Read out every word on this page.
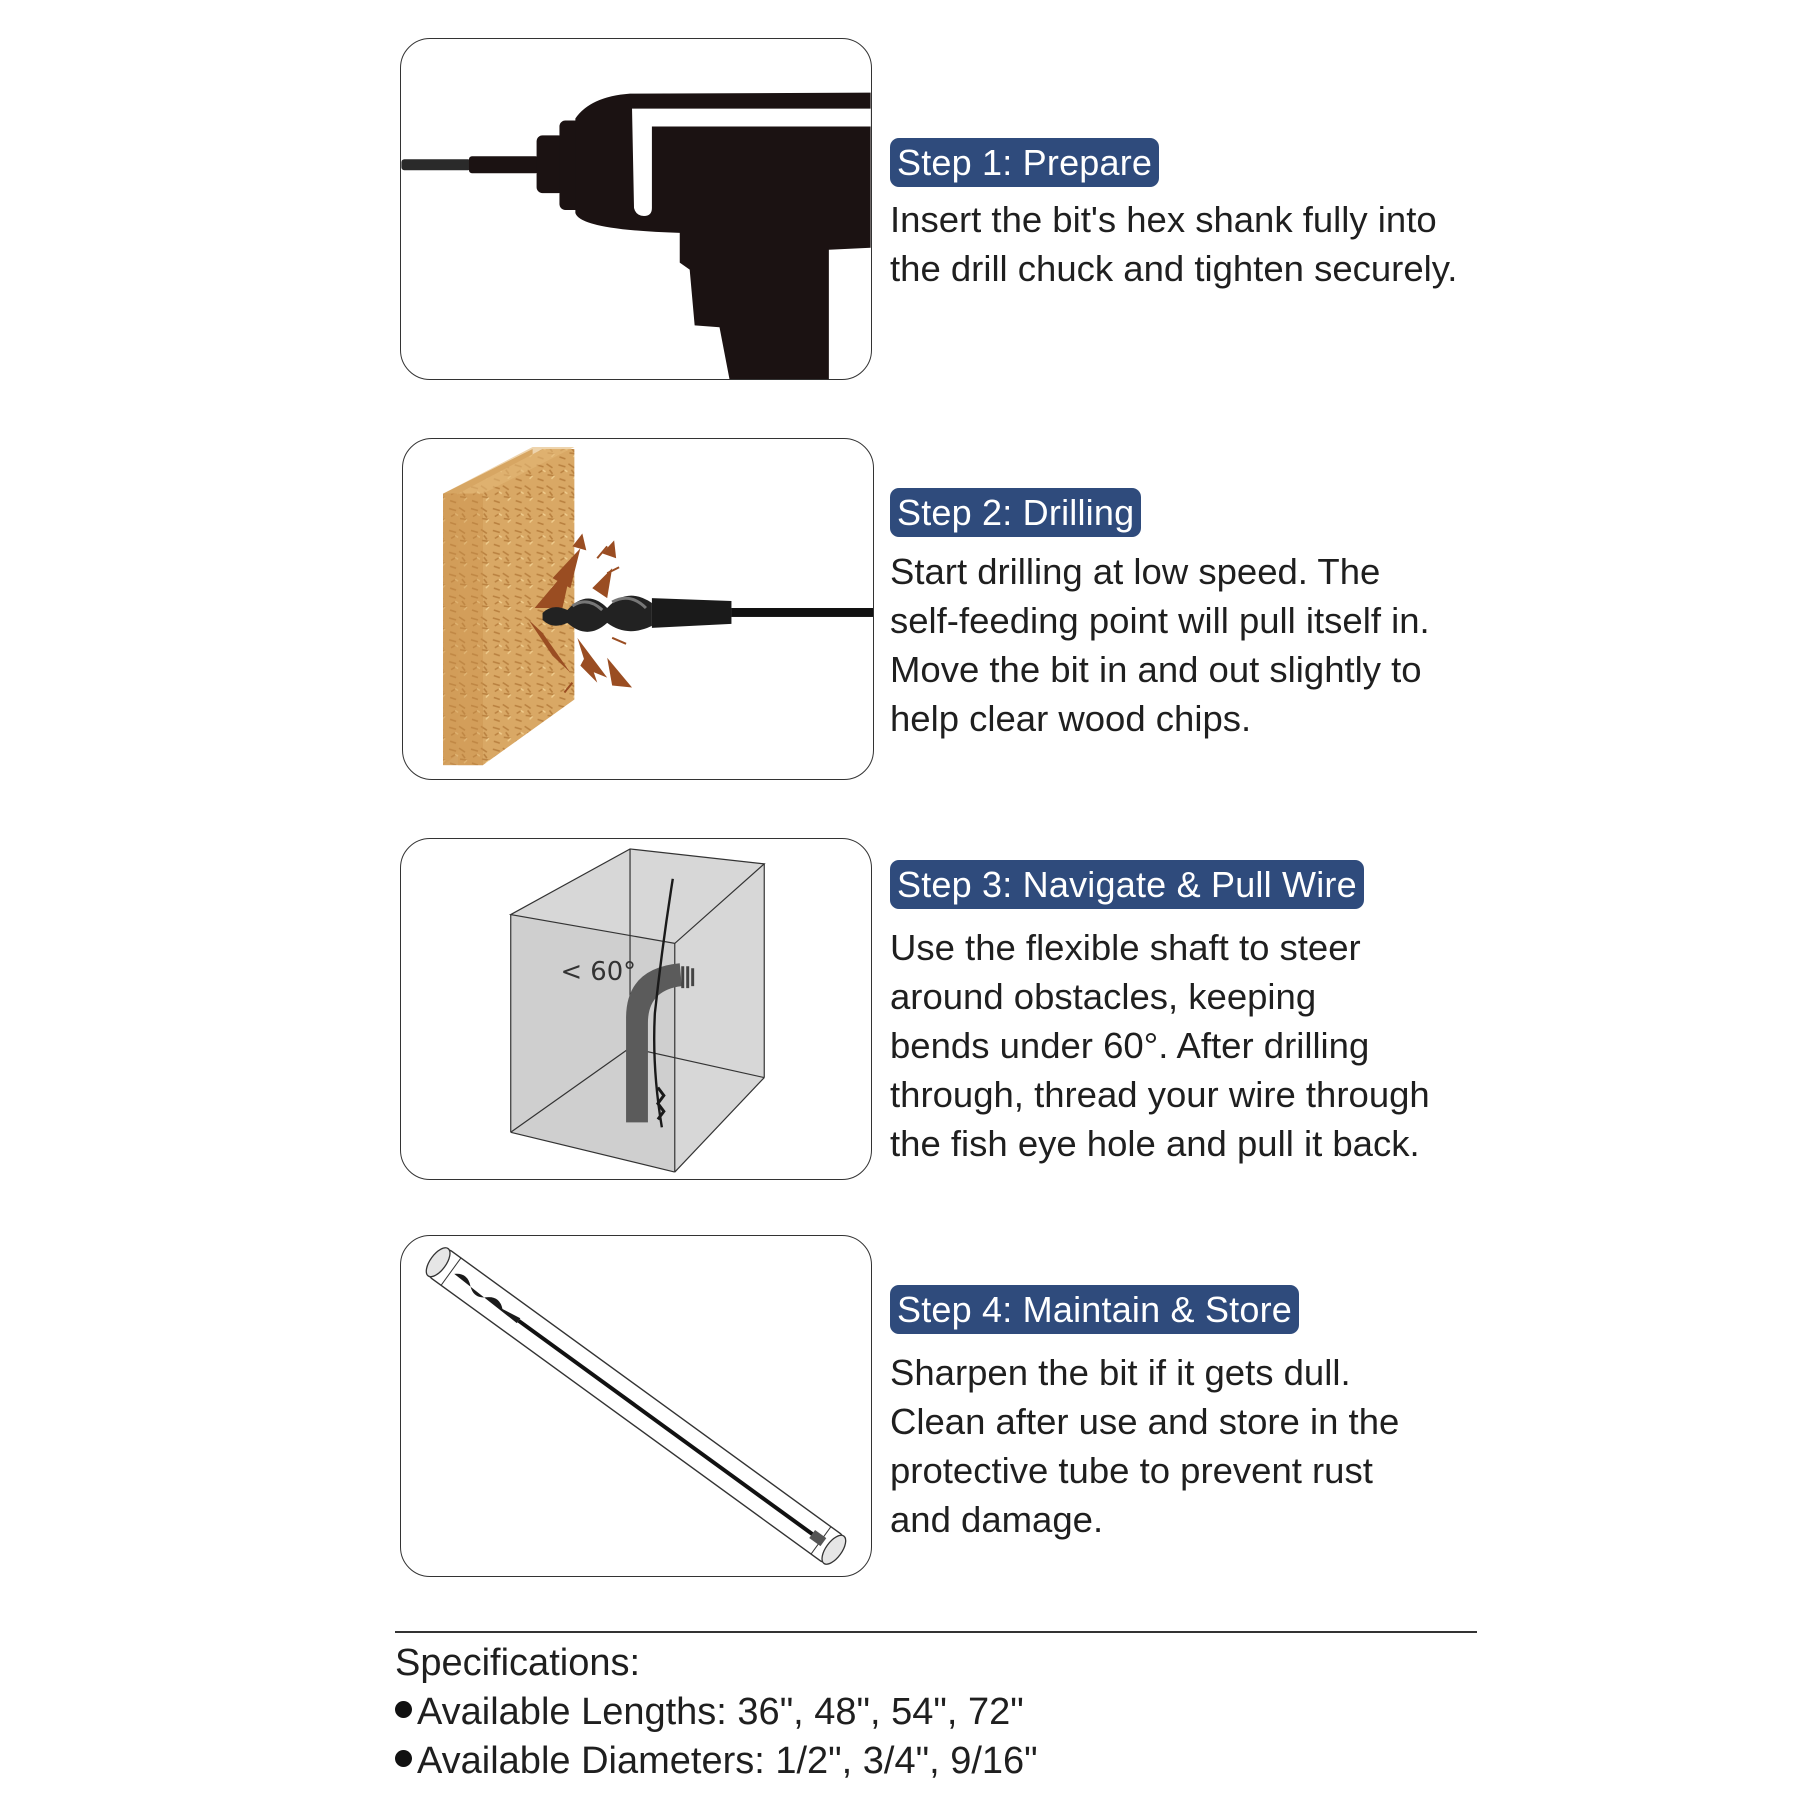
Step 1: Prepare
Insert the bit's hex shank fully into
the drill chuck and tighten securely.
Step 2: Drilling
Start drilling at low speed. The
self-feeding point will pull itself in.
Move the bit in and out slightly to
help clear wood chips.
< 60°
Step 3: Navigate & Pull Wire
Use the flexible shaft to steer
around obstacles, keeping
bends under 60°. After drilling
through, thread your wire through
the fish eye hole and pull it back.
Step 4: Maintain & Store
Sharpen the bit if it gets dull.
Clean after use and store in the
protective tube to prevent rust
and damage.
Specifications:
Available Lengths: 36", 48", 54", 72"
Available Diameters: 1/2", 3/4", 9/16"
